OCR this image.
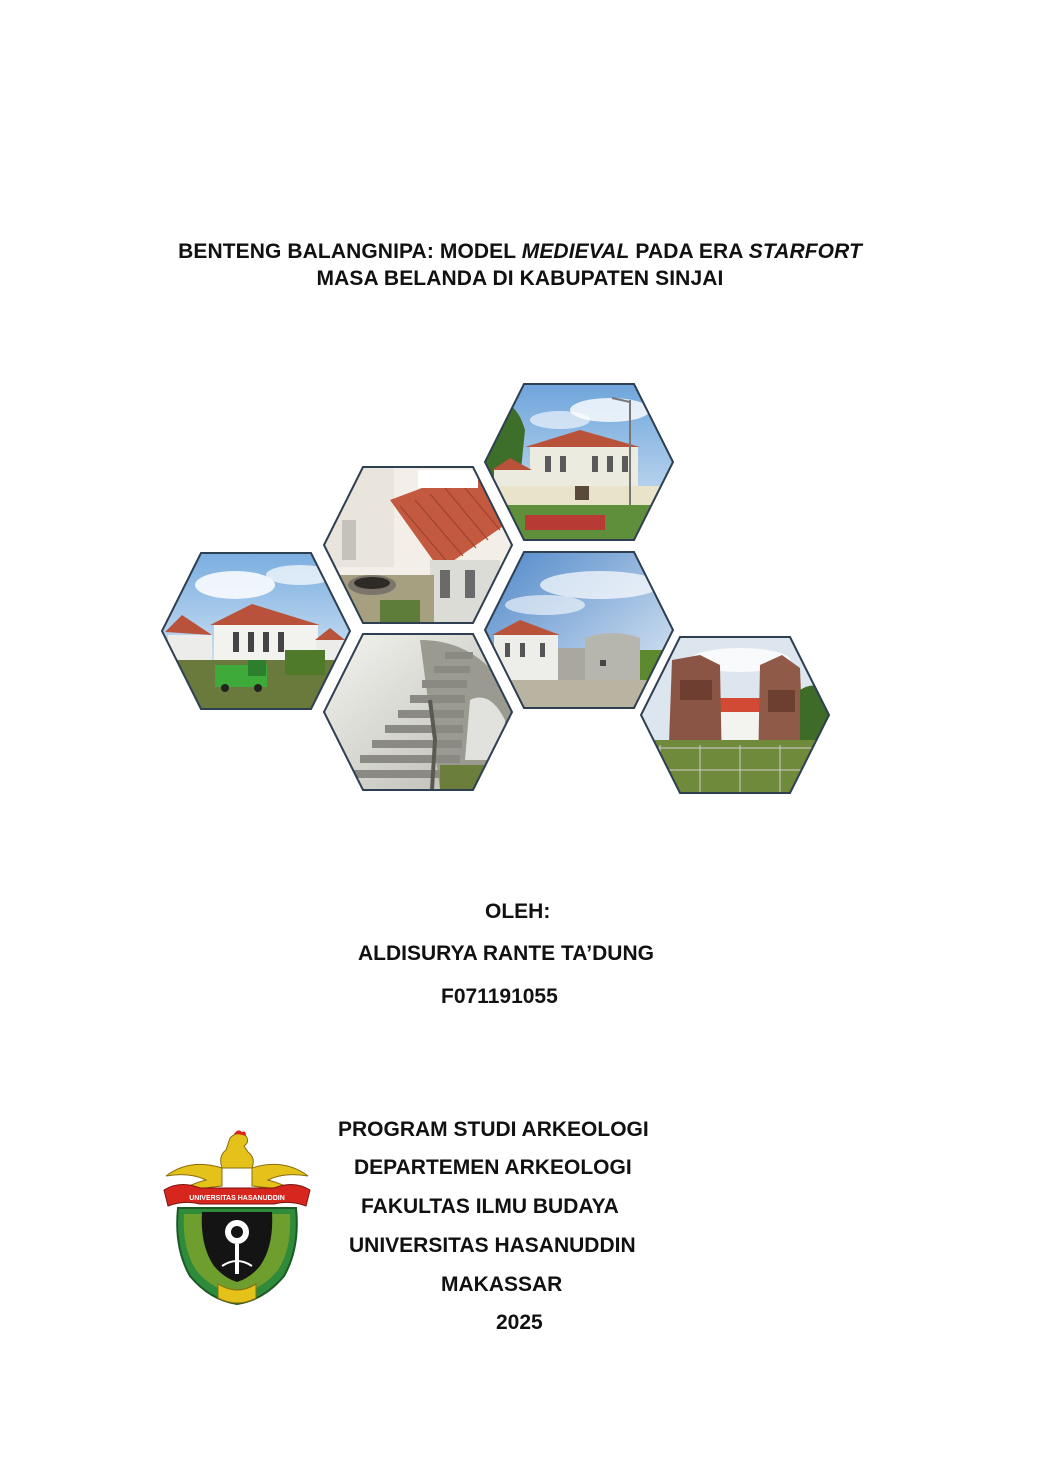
BENTENG BALANGNIPA: MODEL MEDIEVAL PADA ERA STARFORT
MASA BELANDA DI KABUPATEN SINJAI
OLEH:
ALDISURYA RANTE TA’DUNG
F071191055
PROGRAM STUDI ARKEOLOGI
DEPARTEMEN ARKEOLOGI
FAKULTAS ILMU BUDAYA
UNIVERSITAS HASANUDDIN
MAKASSAR
2025
UNIVERSITAS HASANUDDIN
